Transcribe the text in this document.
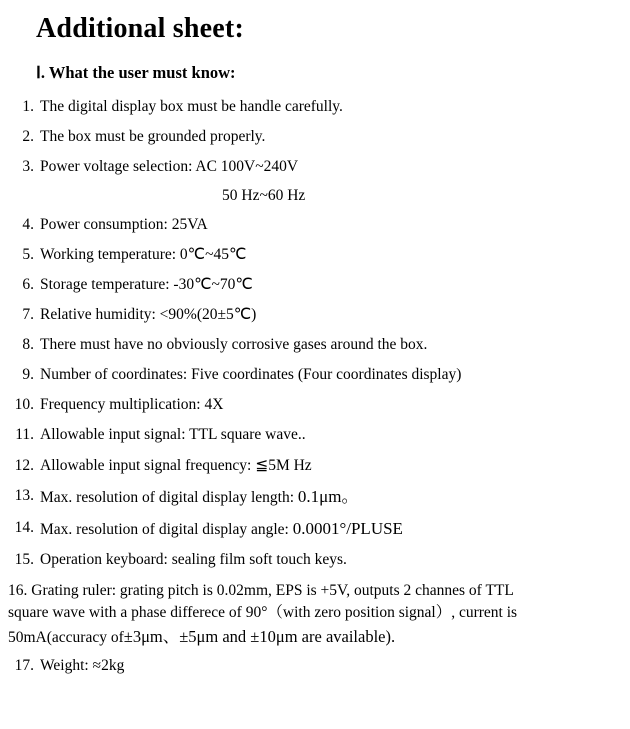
Additional sheet:
Ⅰ. What the user must know:
1. The digital display box must be handle carefully.
2. The box must be grounded properly.
3. Power voltage selection: AC 100V~240V
50 Hz~60 Hz
4. Power consumption: 25VA
5. Working temperature: 0℃~45℃
6. Storage temperature: -30℃~70℃
7. Relative humidity: <90%(20±5℃)
8. There must have no obviously corrosive gases around the box.
9. Number of coordinates: Five coordinates (Four coordinates display)
10. Frequency multiplication: 4X
11. Allowable input signal: TTL square wave..
12. Allowable input signal frequency: ≦5M Hz
13. Max. resolution of digital display length: 0.1μm。
14. Max. resolution of digital display angle: 0.0001°/PLUSE
15. Operation keyboard: sealing film soft touch keys.
16. Grating ruler: grating pitch is 0.02mm, EPS is +5V, outputs 2 channes of TTL
square wave with a phase differece of 90°（with zero position signal）, current is
50mA(accuracy of±3μm、±5μm and ±10μm are available).
17. Weight: ≈2kg
